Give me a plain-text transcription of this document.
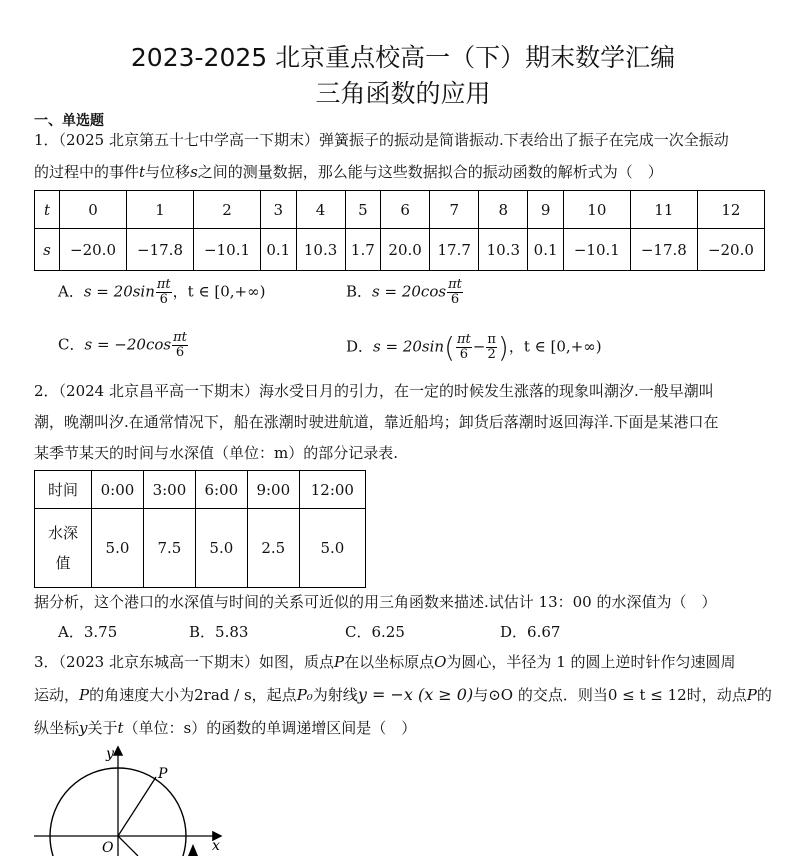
2023-2025 北京重点校高一（下）期末数学汇编
三角函数的应用
一、单选题
1．（2025 北京第五十七中学高一下期末）弹簧振子的振动是简谐振动.下表给出了振子在完成一次全振动
的过程中的事件t与位移s之间的测量数据，那么能与这些数据拟合的振动函数的解析式为（　）
t	0	1	2	3	4	5	6	7	8	9	10	11	12
s	−20.0	−17.8	−10.1	0.1	10.3	1.7	20.0	17.7	10.3	0.1	−10.1	−17.8	−20.0
A．$s = 20\sin \frac{\pi t}{6}$ ，t ∈ [0,+∞)	B．$s = 20\cos \frac{\pi t}{6}$
C．$s = -20\cos \frac{\pi t}{6}$	D．$s = 20\sin( \frac{\pi t}{6} - \frac{\pi}{2}$ )，t ∈ [0,+∞)
2．（2024 北京昌平高一下期末）海水受日月的引力，在一定的时候发生涨落的现象叫潮汐.一般早潮叫
潮，晚潮叫汐.在通常情况下，船在涨潮时驶进航道，靠近船坞；卸货后落潮时返回海洋.下面是某港口在
某季节某天的时间与水深值（单位：m）的部分记录表.
时间	0:00	3:00	6:00	9:00	12:00
水深
值	5.0	7.5	5.0	2.5	5.0
据分析，这个港口的水深值与时间的关系可近似的用三角函数来描述.试估计 13：00 的水深值为（　）
A．3.75	B．5.83	C．6.25	D．6.67
3．（2023 北京东城高一下期末）如图，质点P在以坐标原点O为圆心，半径为 1 的圆上逆时针作匀速圆周
运动，P的角速度大小为2rad / s，起点P₀为射线y = −x (x ≥ 0)与⊙O 的交点．则当0 ≤ t ≤ 12时，动点P的
纵坐标y关于t（单位：s）的函数的单调递增区间是（　）
y
P
O	x
